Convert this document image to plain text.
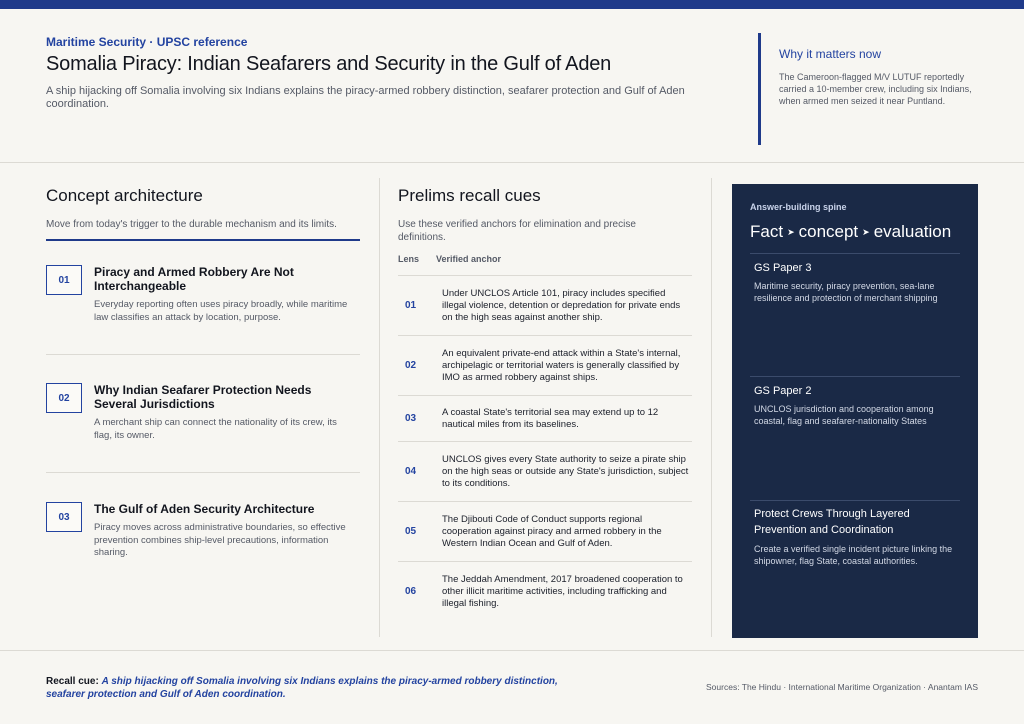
Maritime Security · UPSC reference
Somalia Piracy: Indian Seafarers and Security in the Gulf of Aden

A ship hijacking off Somalia involving six Indians explains the piracy-armed robbery distinction, seafarer protection and Gulf of Aden coordination.

Why it matters now
The Cameroon-flagged M/V LUTUF reportedly carried a 10-member crew, including six Indians, when armed men seized it near Puntland.
Concept architecture

Move from today's trigger to the durable mechanism and its limits.

01
Piracy and Armed Robbery Are Not Interchangeable
Everyday reporting often uses piracy broadly, while maritime law classifies an attack by location, purpose.
02
Why Indian Seafarer Protection Needs Several Jurisdictions
A merchant ship can connect the nationality of its crew, its flag, its owner.
03
The Gulf of Aden Security Architecture
Piracy moves across administrative boundaries, so effective prevention combines ship-level precautions, information sharing.
Prelims recall cues

Use these verified anchors for elimination and precise definitions.

Lens Verified anchor
01
Under UNCLOS Article 101, piracy includes specified illegal violence, detention or depredation for private ends on the high seas against another ship.
02
An equivalent private-end attack within a State's internal, archipelagic or territorial waters is generally classified by IMO as armed robbery against ships.
03
A coastal State's territorial sea may extend up to 12 nautical miles from its baselines.
04
UNCLOS gives every State authority to seize a pirate ship on the high seas or outside any State's jurisdiction, subject to its conditions.
05
The Djibouti Code of Conduct supports regional cooperation against piracy and armed robbery in the Western Indian Ocean and Gulf of Aden.
06
The Jeddah Amendment, 2017 broadened cooperation to other illicit maritime activities, including trafficking and illegal fishing.
Answer-building spine
Fact ➤ concept ➤ evaluation
GS Paper 3
Maritime security, piracy prevention, sea-lane resilience and protection of merchant shipping
GS Paper 2
UNCLOS jurisdiction and cooperation among coastal, flag and seafarer-nationality States
Protect Crews Through Layered Prevention and Coordination
Create a verified single incident picture linking the shipowner, flag State, coastal authorities.

Recall cue: A ship hijacking off Somalia involving six Indians explains the piracy-armed robbery distinction, seafarer protection and Gulf of Aden coordination.

Sources: The Hindu · International Maritime Organization · Anantam IAS
